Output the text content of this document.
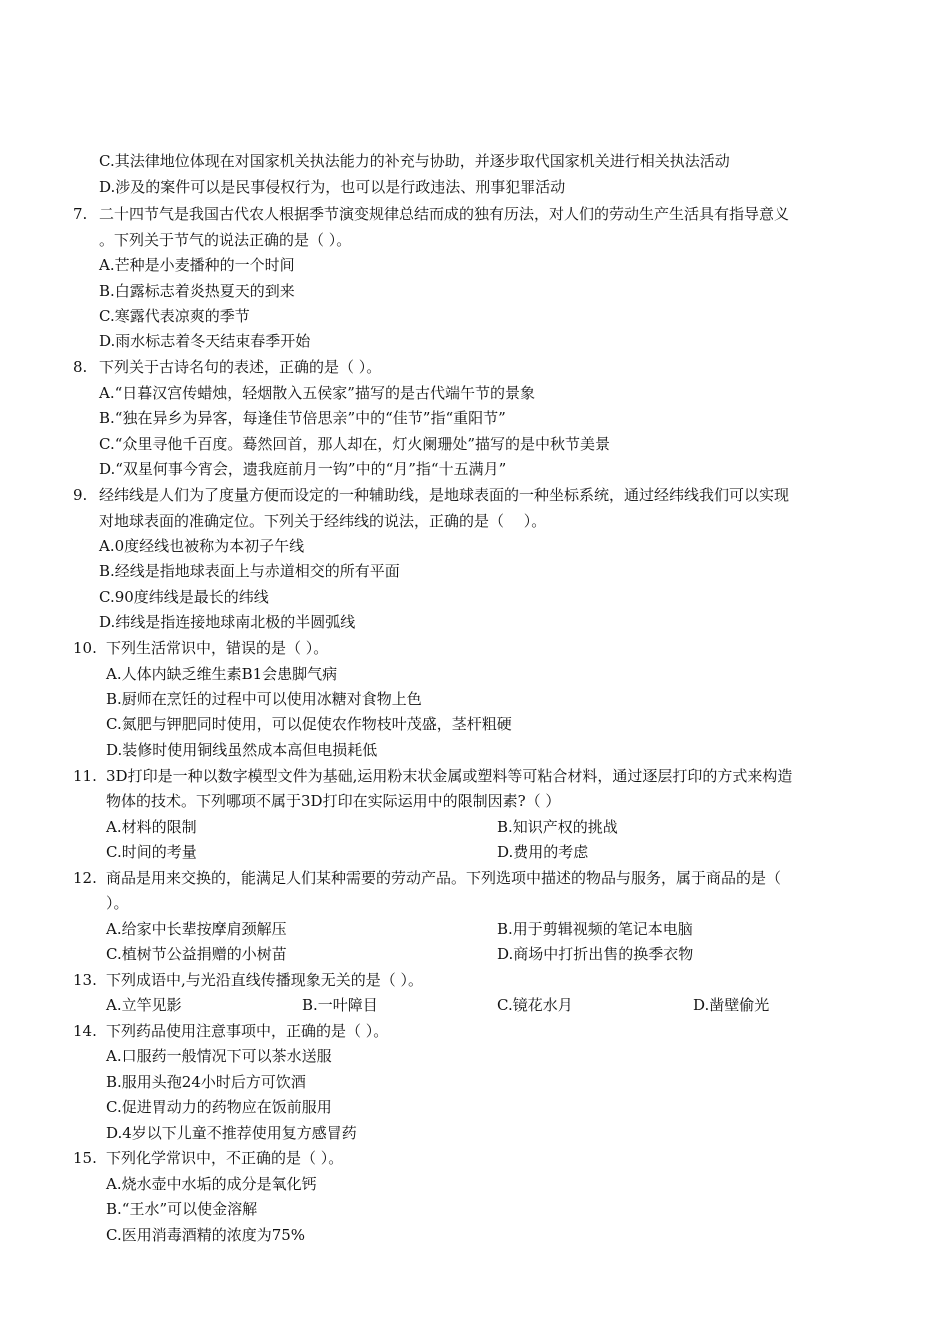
C.其法律地位体现在对国家机关执法能力的补充与协助，并逐步取代国家机关进行相关执法活动
D.涉及的案件可以是民事侵权行为，也可以是行政违法、刑事犯罪活动
7. 二十四节气是我国古代农人根据季节演变规律总结而成的独有历法，对人们的劳动生产生活具有指导意义
。下列关于节气的说法正确的是（ ）。
A.芒种是小麦播种的一个时间
B.白露标志着炎热夏天的到来
C.寒露代表凉爽的季节
D.雨水标志着冬天结束春季开始
8. 下列关于古诗名句的表述，正确的是（ ）。
A.“日暮汉宫传蜡烛，轻烟散入五侯家”描写的是古代端午节的景象
B.“独在异乡为异客，每逢佳节倍思亲”中的“佳节”指“重阳节”
C.“众里寻他千百度。蓦然回首，那人却在，灯火阑珊处”描写的是中秋节美景
D.“双星何事今宵会，遗我庭前月一钩”中的“月”指“十五满月”
9. 经纬线是人们为了度量方便而设定的一种辅助线，是地球表面的一种坐标系统，通过经纬线我们可以实现
对地球表面的准确定位。下列关于经纬线的说法，正确的是（　 ）。
A.0度经线也被称为本初子午线
B.经线是指地球表面上与赤道相交的所有平面
C.90度纬线是最长的纬线
D.纬线是指连接地球南北极的半圆弧线
10. 下列生活常识中，错误的是（ ）。
A.人体内缺乏维生素B1会患脚气病
B.厨师在烹饪的过程中可以使用冰糖对食物上色
C.氮肥与钾肥同时使用，可以促使农作物枝叶茂盛，茎杆粗硬
D.装修时使用铜线虽然成本高但电损耗低
11. 3D打印是一种以数字模型文件为基础,运用粉末状金属或塑料等可粘合材料，通过逐层打印的方式来构造
物体的技术。下列哪项不属于3D打印在实际运用中的限制因素?（ ）
A.材料的限制	B.知识产权的挑战
C.时间的考量	D.费用的考虑
12. 商品是用来交换的，能满足人们某种需要的劳动产品。下列选项中描述的物品与服务，属于商品的是（
）。
A.给家中长辈按摩肩颈解压	B.用于剪辑视频的笔记本电脑
C.植树节公益捐赠的小树苗	D.商场中打折出售的换季衣物
13. 下列成语中,与光沿直线传播现象无关的是（ ）。
A.立竿见影	B.一叶障目	C.镜花水月	D.凿壁偷光
14. 下列药品使用注意事项中，正确的是（ ）。
A.口服药一般情况下可以茶水送服
B.服用头孢24小时后方可饮酒
C.促进胃动力的药物应在饭前服用
D.4岁以下儿童不推荐使用复方感冒药
15. 下列化学常识中，不正确的是（ ）。
A.烧水壶中水垢的成分是氧化钙
B.“王水”可以使金溶解
C.医用消毒酒精的浓度为75%
